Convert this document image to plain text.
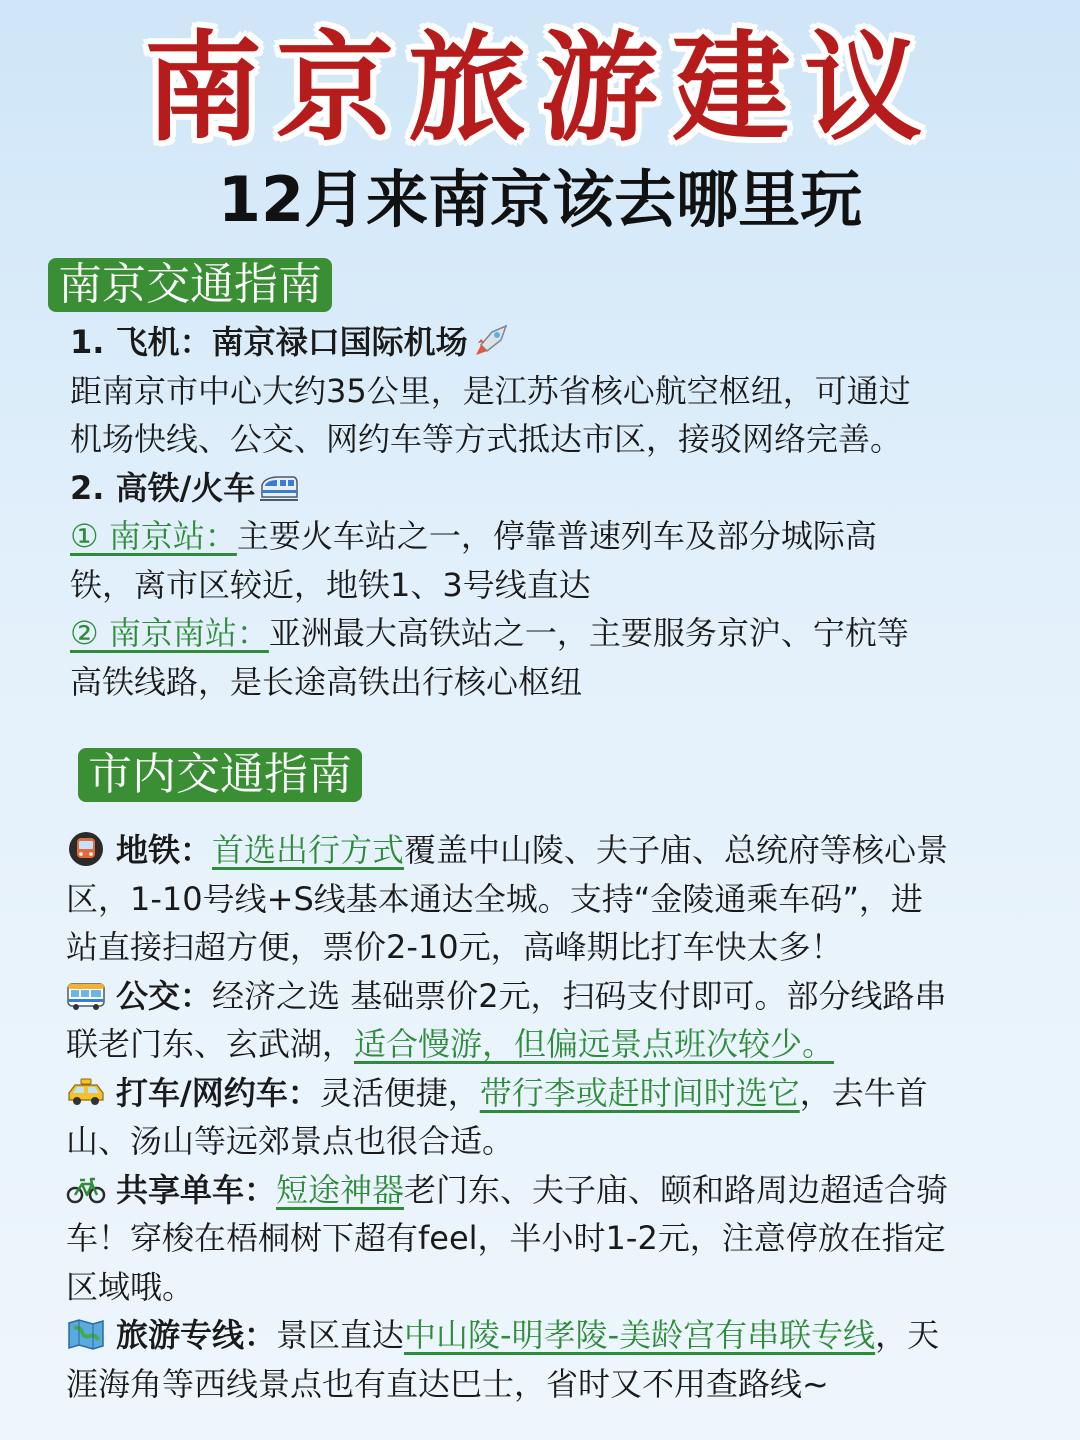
南京旅游建议
12月来南京该去哪里玩
南京交通指南
1. 飞机：南京禄口国际机场
距南京市中心大约35公里，是江苏省核心航空枢纽，可通过
机场快线、公交、网约车等方式抵达市区，接驳网络完善。
2. 高铁/火车
① 南京站：主要火车站之一，停靠普速列车及部分城际高
铁，离市区较近，地铁1、3号线直达
② 南京南站：亚洲最大高铁站之一，主要服务京沪、宁杭等
高铁线路，是长途高铁出行核心枢纽
市内交通指南
地铁：首选出行方式覆盖中山陵、夫子庙、总统府等核心景
区，1-10号线+S线基本通达全城。支持“金陵通乘车码”，进
站直接扫超方便，票价2-10元，高峰期比打车快太多！
公交：经济之选 基础票价2元，扫码支付即可。部分线路串
联老门东、玄武湖，适合慢游，但偏远景点班次较少。
打车/网约车：灵活便捷，带行李或赶时间时选它，去牛首
山、汤山等远郊景点也很合适。
共享单车：短途神器老门东、夫子庙、颐和路周边超适合骑
车！穿梭在梧桐树下超有feel，半小时1-2元，注意停放在指定
区域哦。
旅游专线：景区直达中山陵-明孝陵-美龄宫有串联专线，天
涯海角等西线景点也有直达巴士，省时又不用查路线~
